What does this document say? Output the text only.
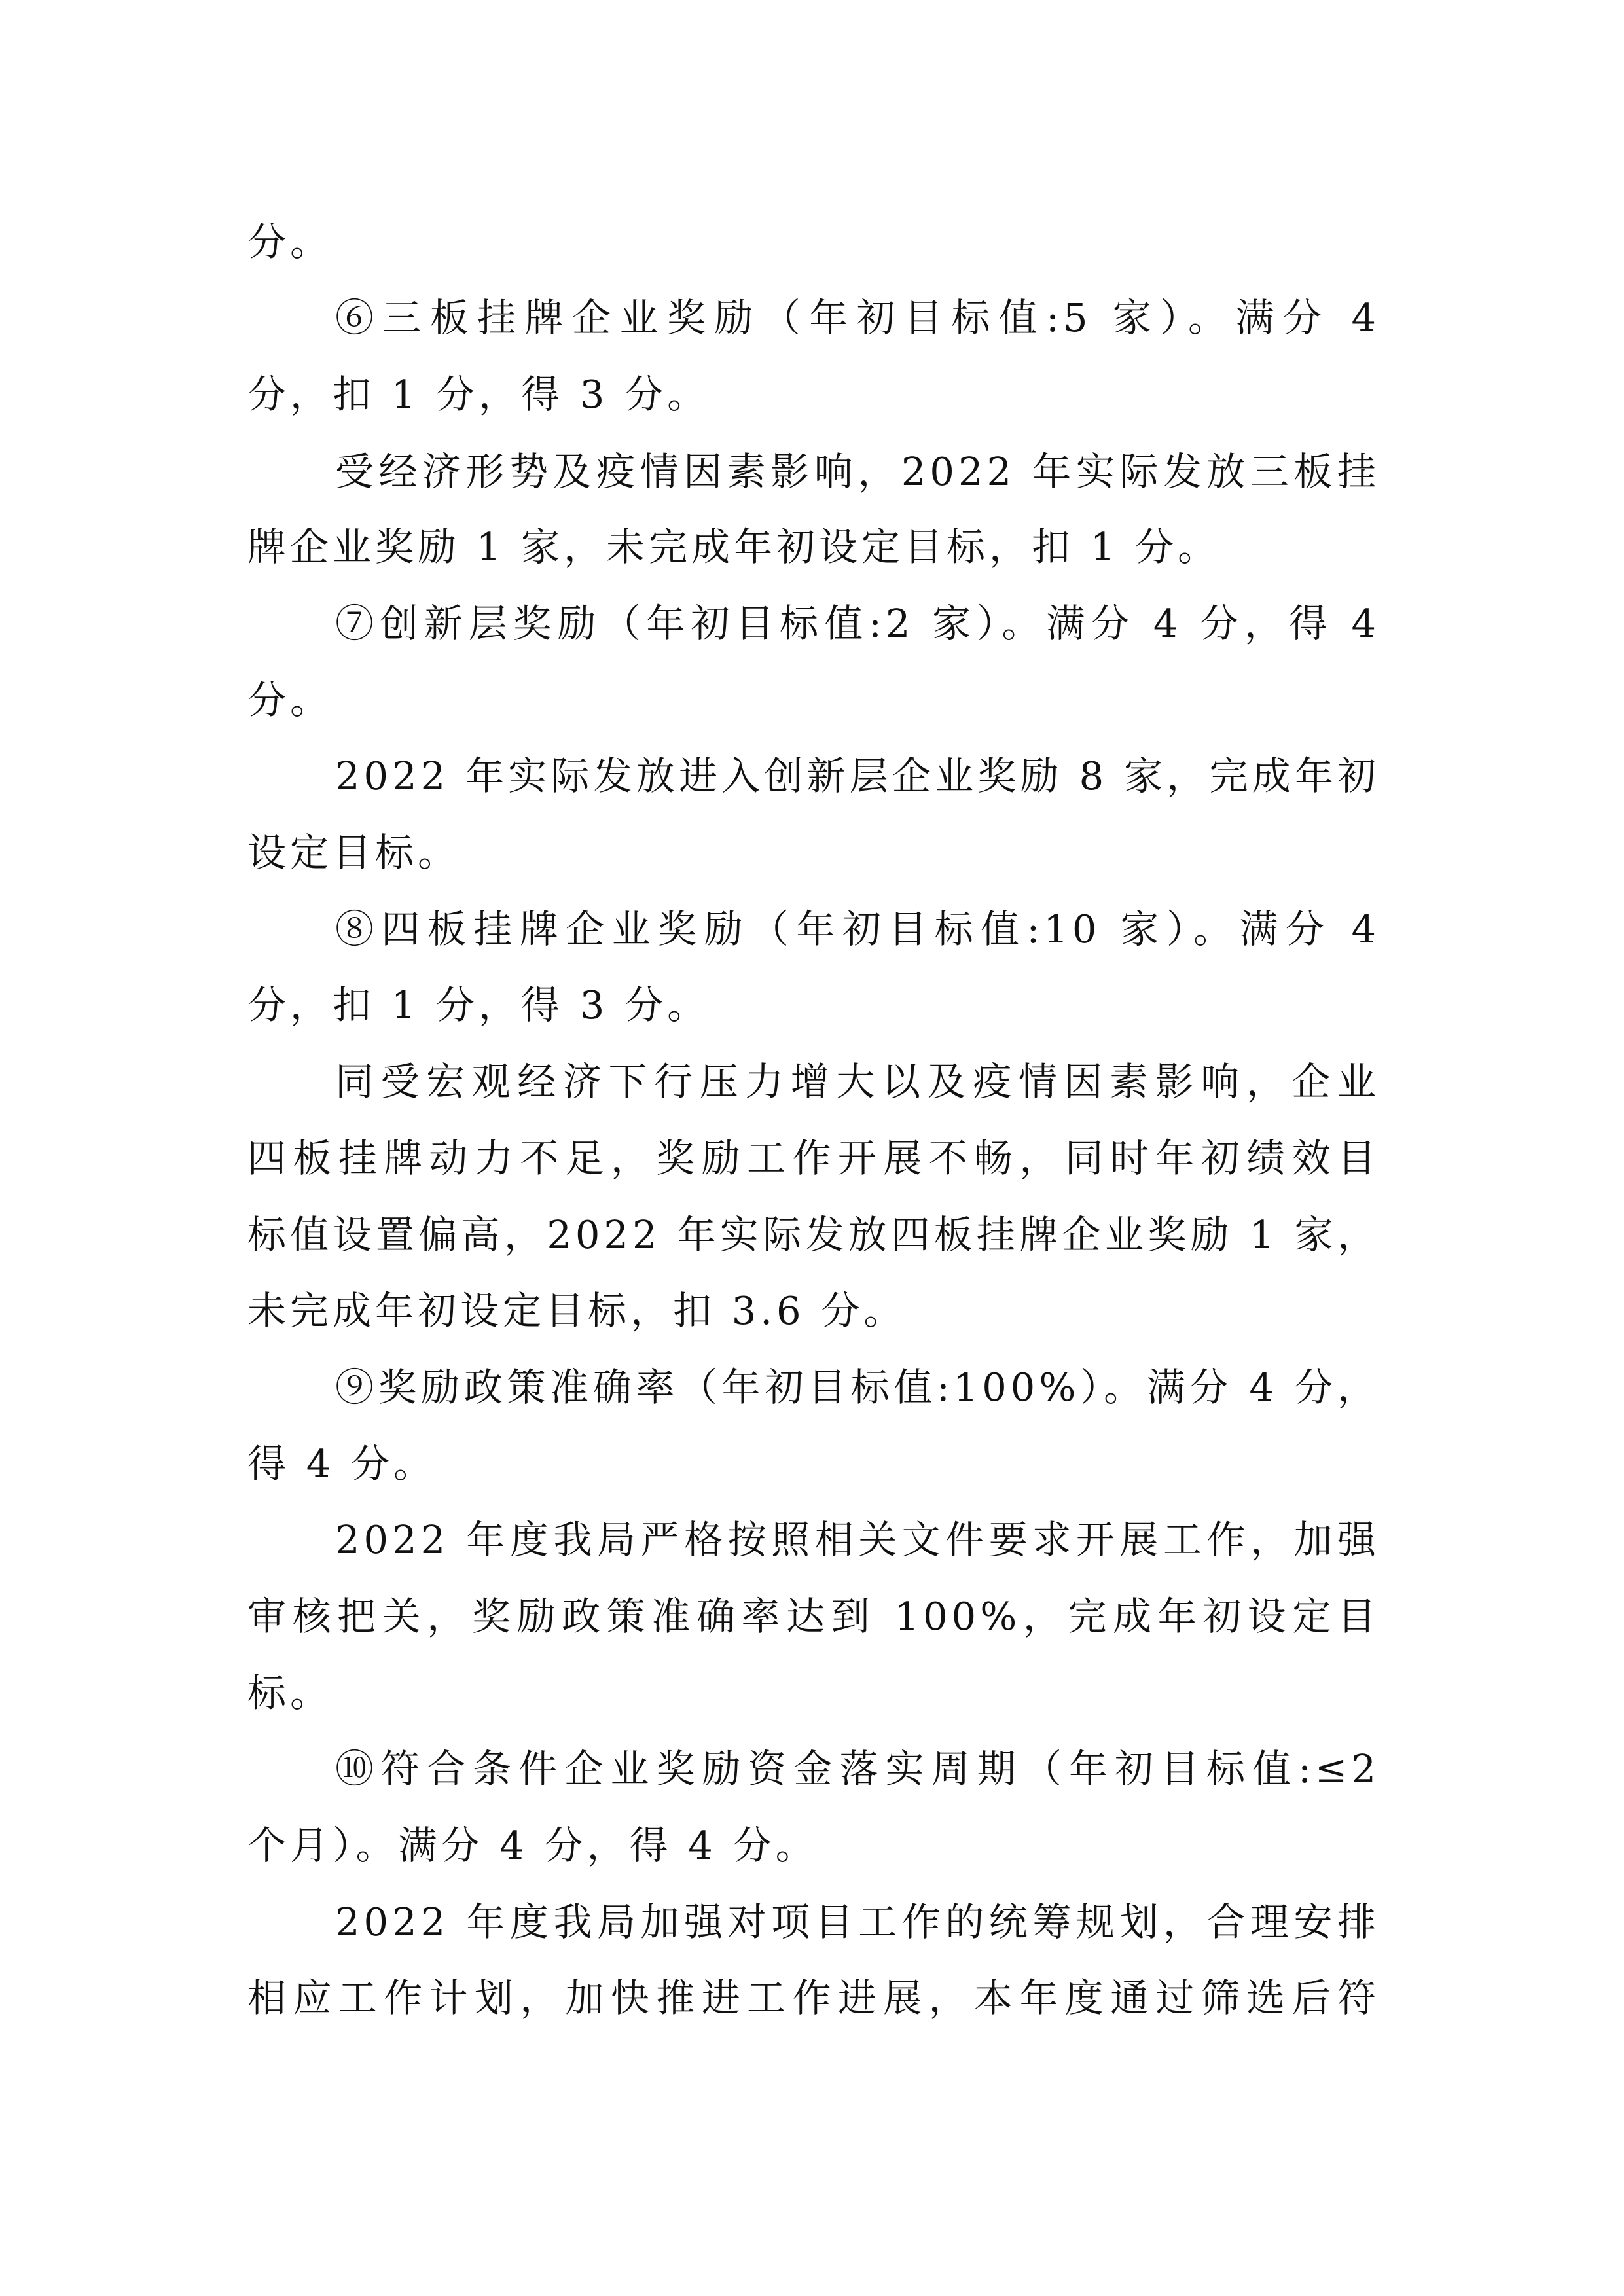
分。
⑥三板挂牌企业奖励（年初目标值:5 家）。满分 4
分，扣 1 分，得 3 分。
受经济形势及疫情因素影响，2022 年实际发放三板挂
牌企业奖励 1 家，未完成年初设定目标，扣 1 分。
⑦创新层奖励（年初目标值:2 家）。满分 4 分，得 4
分。
2022 年实际发放进入创新层企业奖励 8 家，完成年初
设定目标。
⑧四板挂牌企业奖励（年初目标值:10 家）。满分 4
分，扣 1 分，得 3 分。
同受宏观经济下行压力增大以及疫情因素影响，企业
四板挂牌动力不足，奖励工作开展不畅，同时年初绩效目
标值设置偏高，2022 年实际发放四板挂牌企业奖励 1 家，
未完成年初设定目标，扣 3.6 分。
⑨奖励政策准确率（年初目标值:100%）。满分 4 分，
得 4 分。
2022 年度我局严格按照相关文件要求开展工作，加强
审核把关，奖励政策准确率达到 100%，完成年初设定目
标。
⑩符合条件企业奖励资金落实周期（年初目标值:≤2
个月）。满分 4 分，得 4 分。
2022 年度我局加强对项目工作的统筹规划，合理安排
相应工作计划，加快推进工作进展，本年度通过筛选后符
